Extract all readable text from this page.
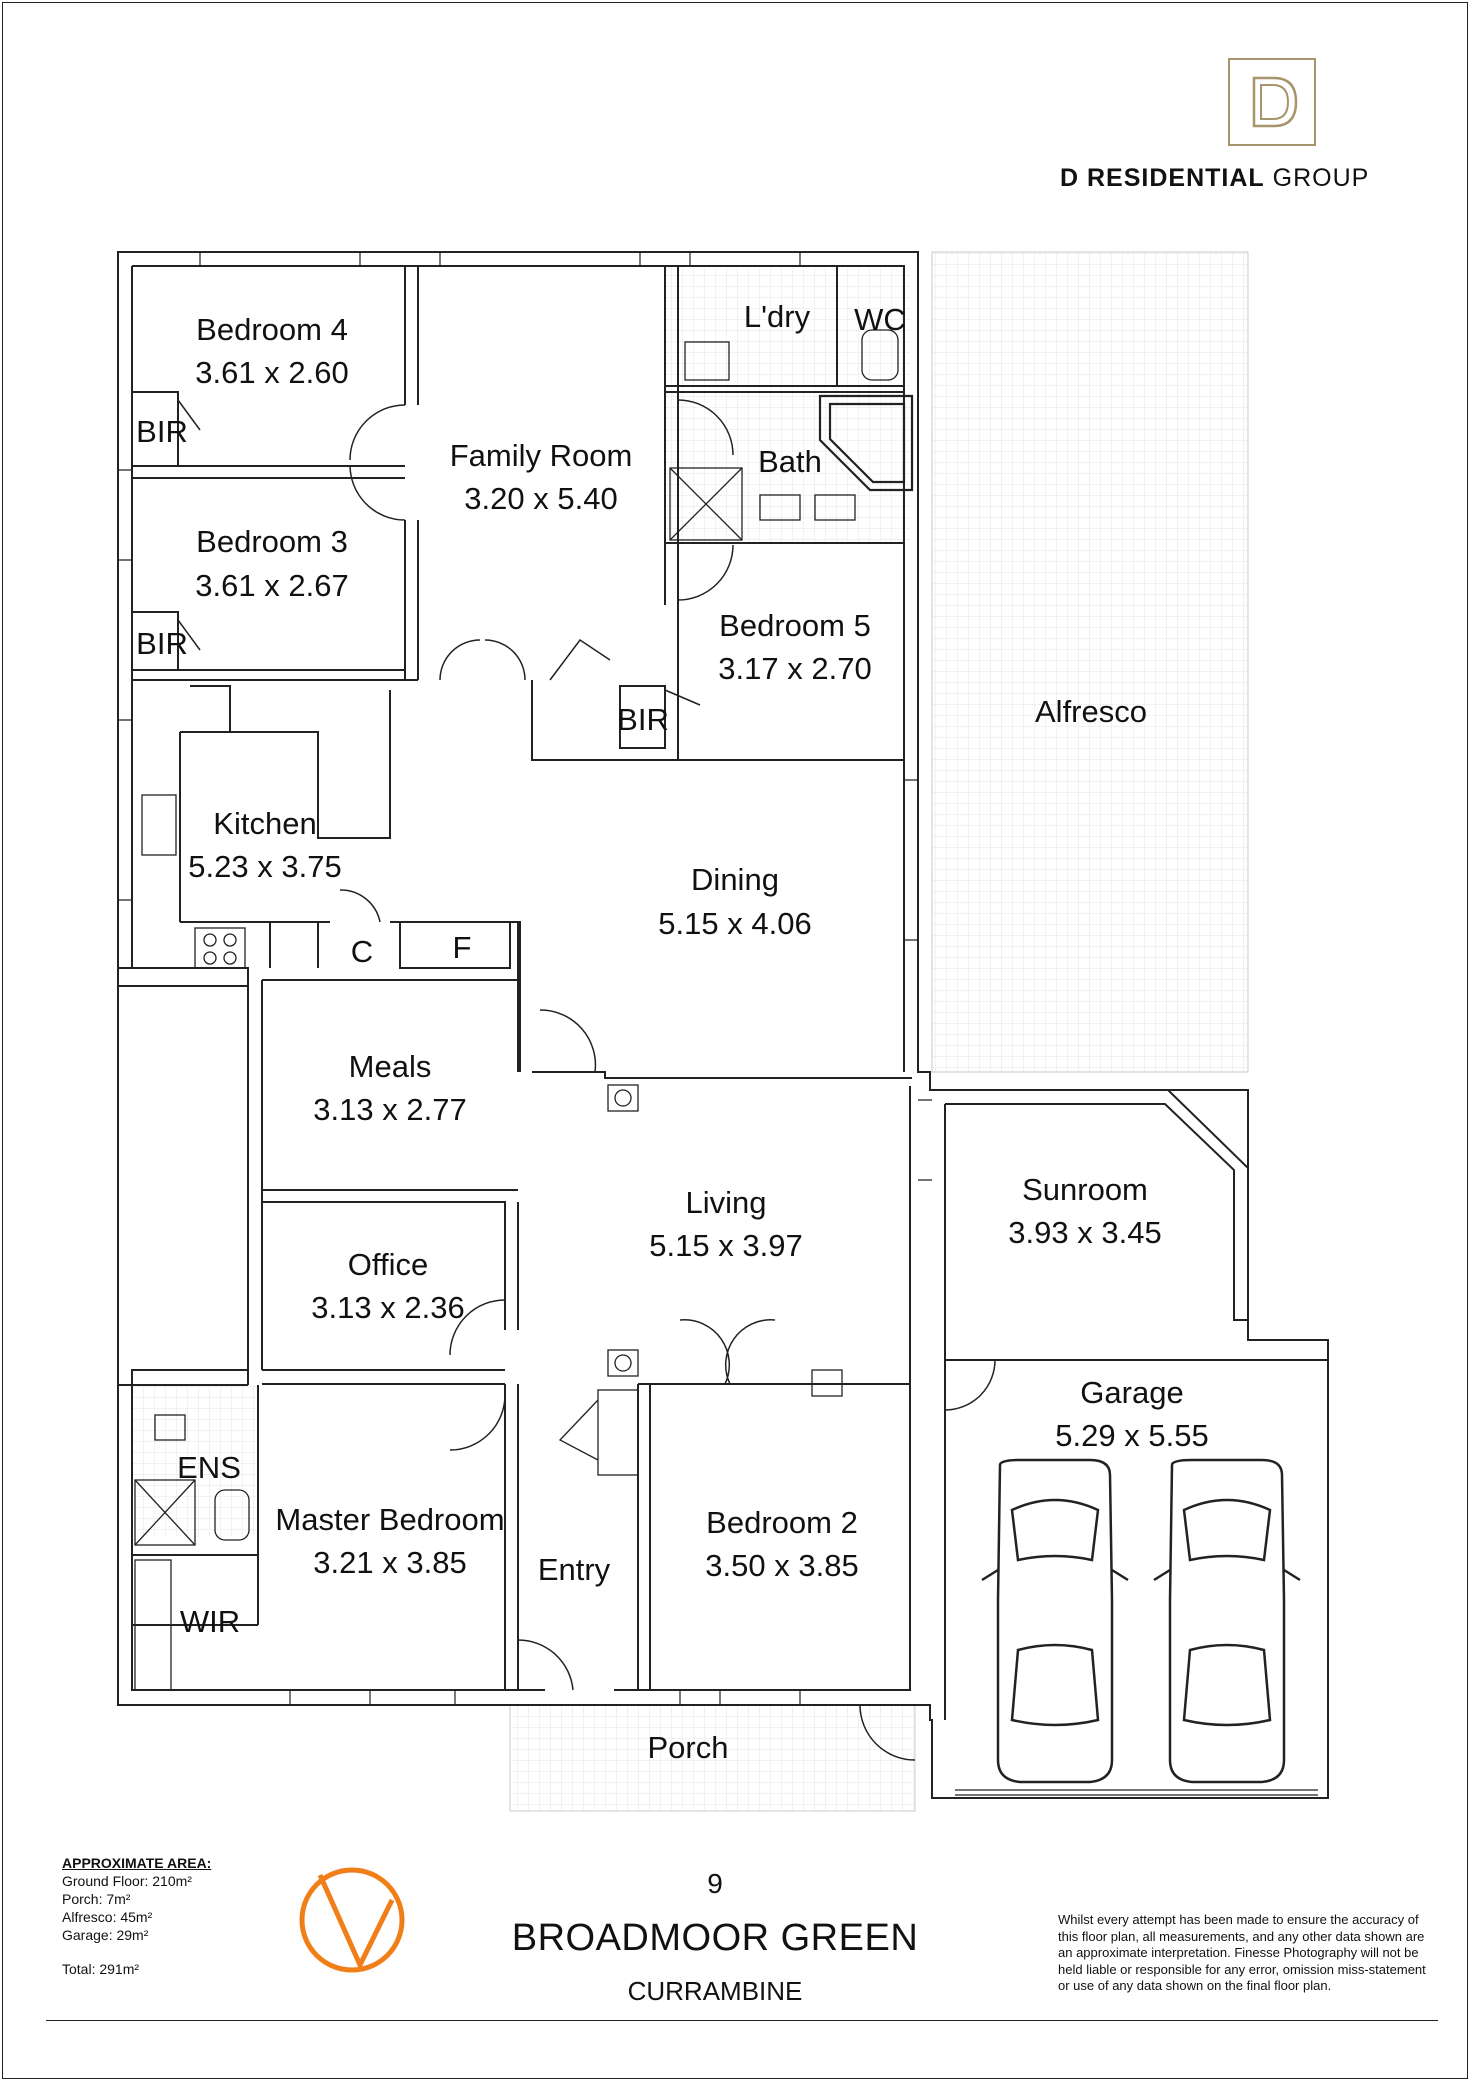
D RESIDENTIAL GROUP
Bedroom 4
3.61 x 2.60
BIR
Family Room
3.20 x 5.40
L'dry WC
Bath
Bedroom 3
3.61 x 2.67
BIR
Bedroom 5
3.17 x 2.70
BIR	Alfresco
Kitchen
5.23 x 3.75	Dining
5.15 x 4.06
C	F
Meals
3.13 x 2.77
Living
5.15 x 3.97
Sunroom
3.93 x 3.45
Office
3.13 x 2.36
Garage
5.29 x 5.55
ENS
Master Bedroom
3.21 x 3.85 Entry
Bedroom 2
3.50 x 3.85
WIR
Porch
APPROXIMATE AREA:
Ground Floor: 210m²
Porch: 7m²
Alfresco: 45m²
Garage: 29m²
Total: 291m²
9
BROADMOOR GREEN
CURRAMBINE
Whilst every attempt has been made to ensure the accuracy of this floor plan, all measurements, and any other data shown are an approximate interpretation. Finesse Photography will not be held liable or responsible for any error, omission miss-statement or use of any data shown on the final floor plan.
